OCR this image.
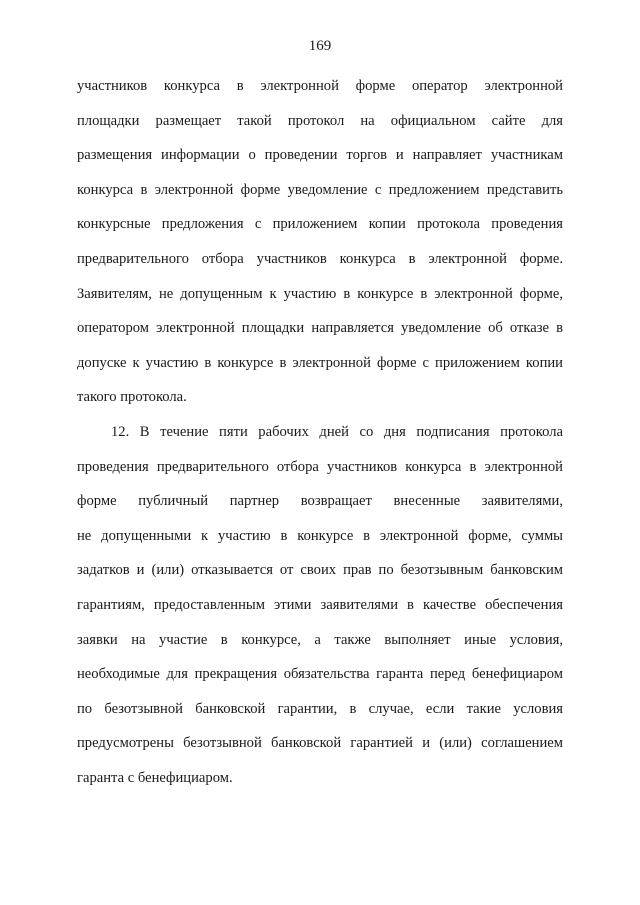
169
участников конкурса в электронной форме оператор электронной
площадки размещает такой протокол на официальном сайте для
размещения информации о проведении торгов и направляет участникам
конкурса в электронной форме уведомление с предложением представить
конкурсные предложения с приложением копии протокола проведения
предварительного отбора участников конкурса в электронной форме.
Заявителям, не допущенным к участию в конкурсе в электронной форме,
оператором электронной площадки направляется уведомление об отказе в
допуске к участию в конкурсе в электронной форме с приложением копии
такого протокола.
12. В течение пяти рабочих дней со дня подписания протокола
проведения предварительного отбора участников конкурса в электронной
форме публичный партнер возвращает внесенные заявителями,
не допущенными к участию в конкурсе в электронной форме, суммы
задатков и (или) отказывается от своих прав по безотзывным банковским
гарантиям, предоставленным этими заявителями в качестве обеспечения
заявки на участие в конкурсе, а также выполняет иные условия,
необходимые для прекращения обязательства гаранта перед бенефициаром
по безотзывной банковской гарантии, в случае, если такие условия
предусмотрены безотзывной банковской гарантией и (или) соглашением
гаранта с бенефициаром.
